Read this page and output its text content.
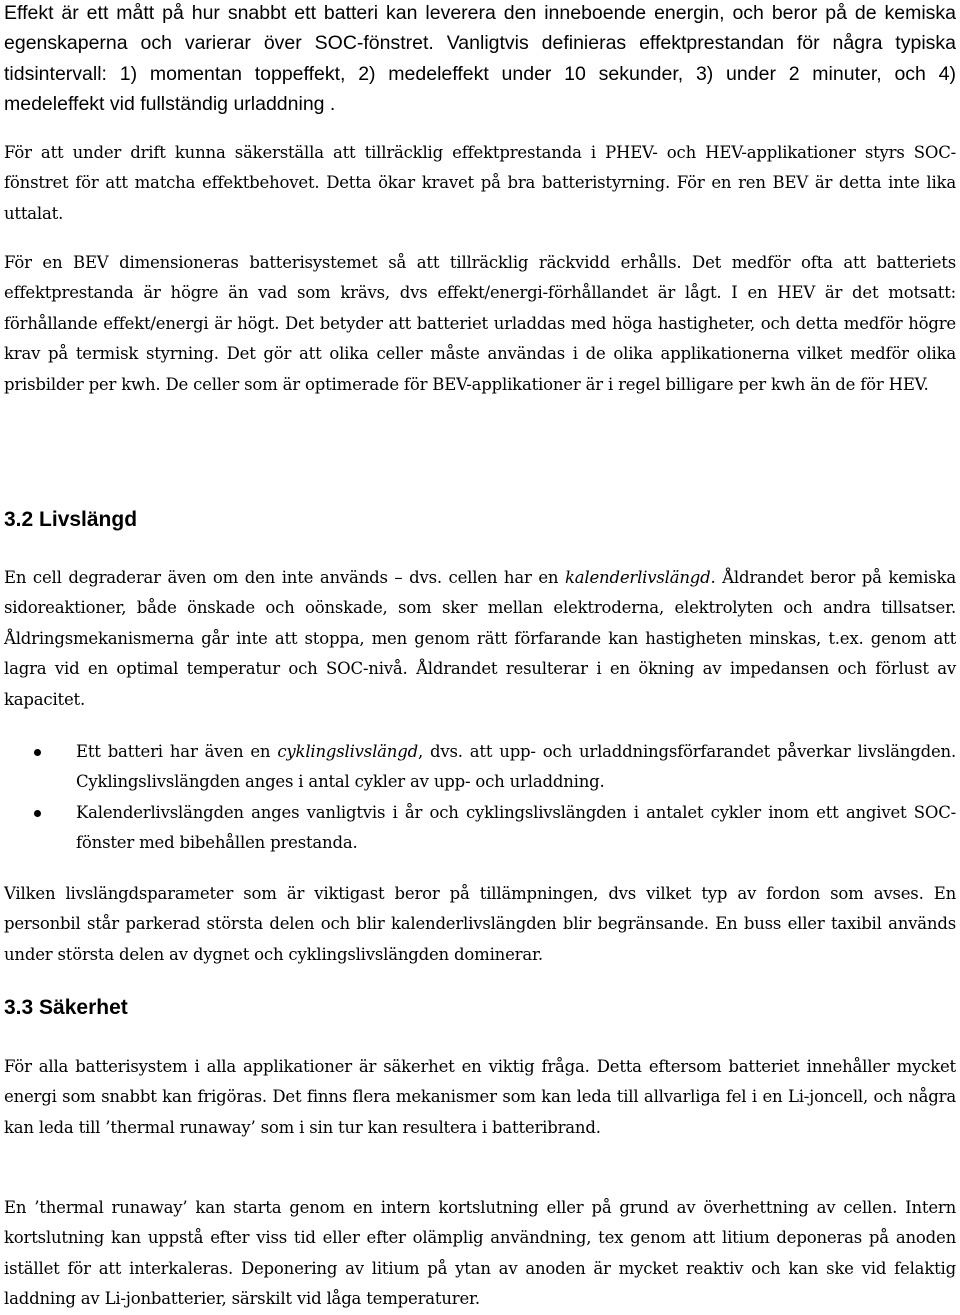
Effekt är ett mått på hur snabbt ett batteri kan leverera den inneboende energin, och beror på de kemiska egenskaperna och varierar över SOC-fönstret. Vanligtvis definieras effektprestandan för några typiska tidsintervall: 1) momentan toppeffekt, 2) medeleffekt under 10 sekunder, 3) under 2 minuter, och 4) medeleffekt vid fullständig urladdning .

För att under drift kunna säkerställa att tillräcklig effektprestanda i PHEV- och HEV-applikationer styrs SOC-fönstret för att matcha effektbehovet. Detta ökar kravet på bra batteristyrning. För en ren BEV är detta inte lika uttalat.

För en BEV dimensioneras batterisystemet så att tillräcklig räckvidd erhålls. Det medför ofta att batteriets effektprestanda är högre än vad som krävs, dvs effekt/energi-förhållandet är lågt. I en HEV är det motsatt: förhållande effekt/energi är högt. Det betyder att batteriet urladdas med höga hastigheter, och detta medför högre krav på termisk styrning. Det gör att olika celler måste användas i de olika applikationerna vilket medför olika prisbilder per kwh. De celler som är optimerade för BEV-applikationer är i regel billigare per kwh än de för HEV.

3.2 Livslängd

En cell degraderar även om den inte används – dvs. cellen har en kalenderlivslängd. Åldrandet beror på kemiska sidoreaktioner, både önskade och oönskade, som sker mellan elektroderna, elektrolyten och andra tillsatser. Åldringsmekanismerna går inte att stoppa, men genom rätt förfarande kan hastigheten minskas, t.ex. genom att lagra vid en optimal temperatur och SOC-nivå. Åldrandet resulterar i en ökning av impedansen och förlust av kapacitet.

Ett batteri har även en cyklingslivslängd, dvs. att upp- och urladdningsförfarandet påverkar livslängden. Cyklingslivslängden anges i antal cykler av upp- och urladdning.
Kalenderlivslängden anges vanligtvis i år och cyklingslivslängden i antalet cykler inom ett angivet SOC-fönster med bibehållen prestanda.

Vilken livslängdsparameter som är viktigast beror på tillämpningen, dvs vilket typ av fordon som avses. En personbil står parkerad största delen och blir kalenderlivslängden blir begränsande. En buss eller taxibil används under största delen av dygnet och cyklingslivslängden dominerar.

3.3 Säkerhet

För alla batterisystem i alla applikationer är säkerhet en viktig fråga. Detta eftersom batteriet innehåller mycket energi som snabbt kan frigöras. Det finns flera mekanismer som kan leda till allvarliga fel i en Li-joncell, och några kan leda till ’thermal runaway’ som i sin tur kan resultera i batteribrand.

En ’thermal runaway’ kan starta genom en intern kortslutning eller på grund av överhettning av cellen. Intern kortslutning kan uppstå efter viss tid eller efter olämplig användning, tex genom att litium deponeras på anoden istället för att interkaleras. Deponering av litium på ytan av anoden är mycket reaktiv och kan ske vid felaktig laddning av Li-jonbatterier, särskilt vid låga temperaturer.
